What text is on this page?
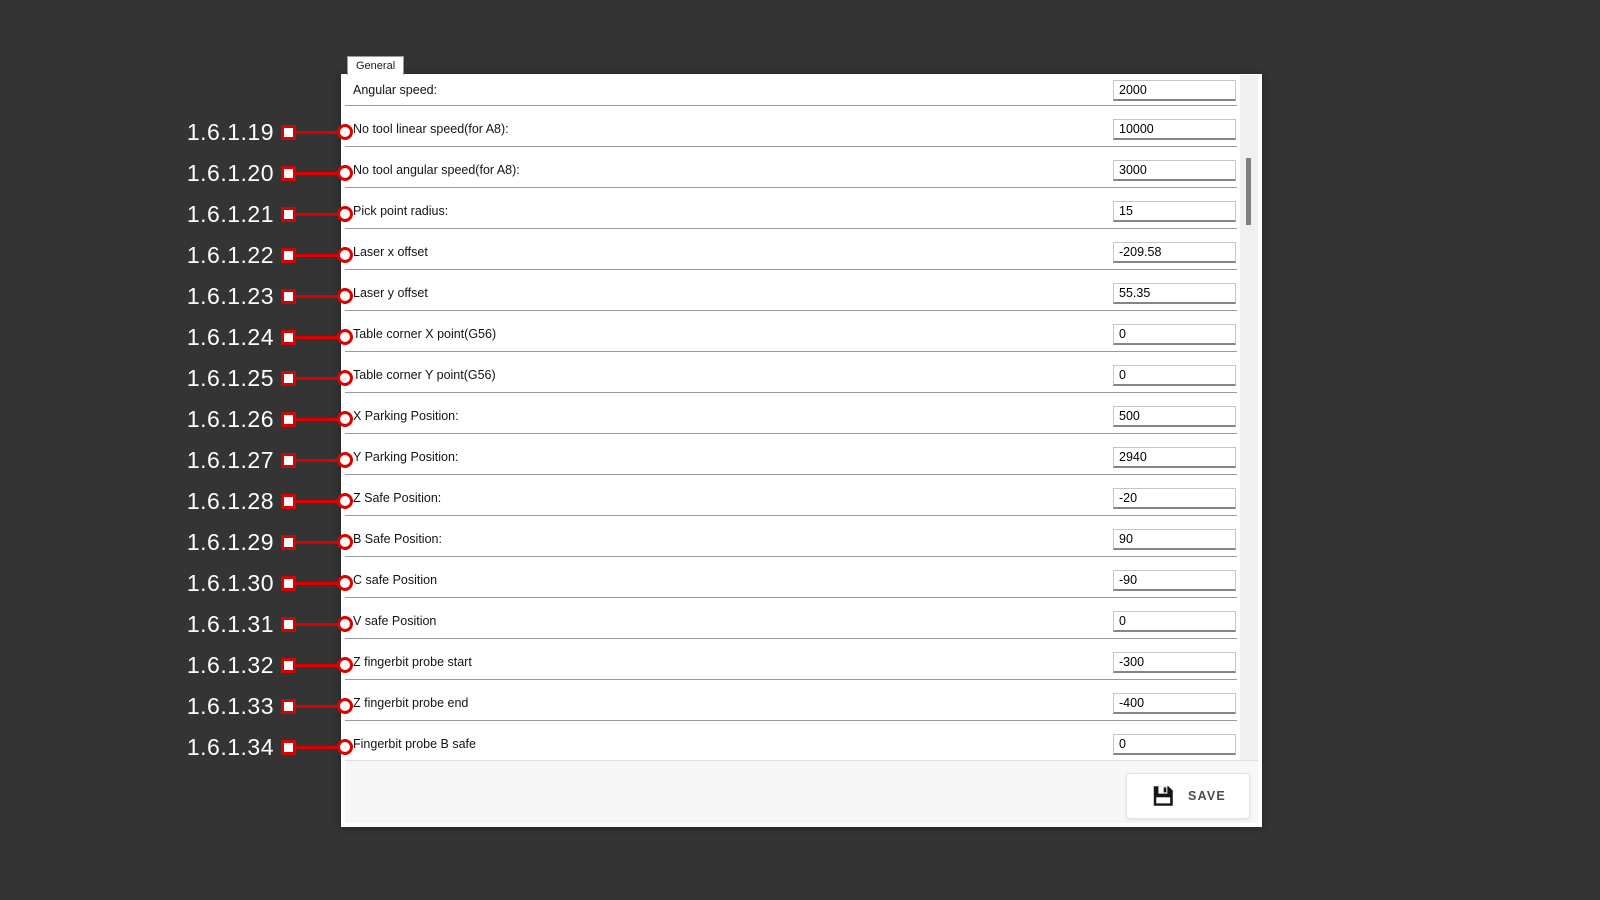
General
Angular speed:
2000
No tool linear speed(for A8):
10000
No tool angular speed(for A8):
3000
Pick point radius:
15
Laser x offset
-209.58
Laser y offset
55.35
Table corner X point(G56)
0
Table corner Y point(G56)
0
X Parking Position:
500
Y Parking Position:
2940
Z Safe Position:
-20
B Safe Position:
90
C safe Position
-90
V safe Position
0
Z fingerbit probe start
-300
Z fingerbit probe end
-400
Fingerbit probe B safe
0
SAVE
1.6.1.19
1.6.1.20
1.6.1.21
1.6.1.22
1.6.1.23
1.6.1.24
1.6.1.25
1.6.1.26
1.6.1.27
1.6.1.28
1.6.1.29
1.6.1.30
1.6.1.31
1.6.1.32
1.6.1.33
1.6.1.34
